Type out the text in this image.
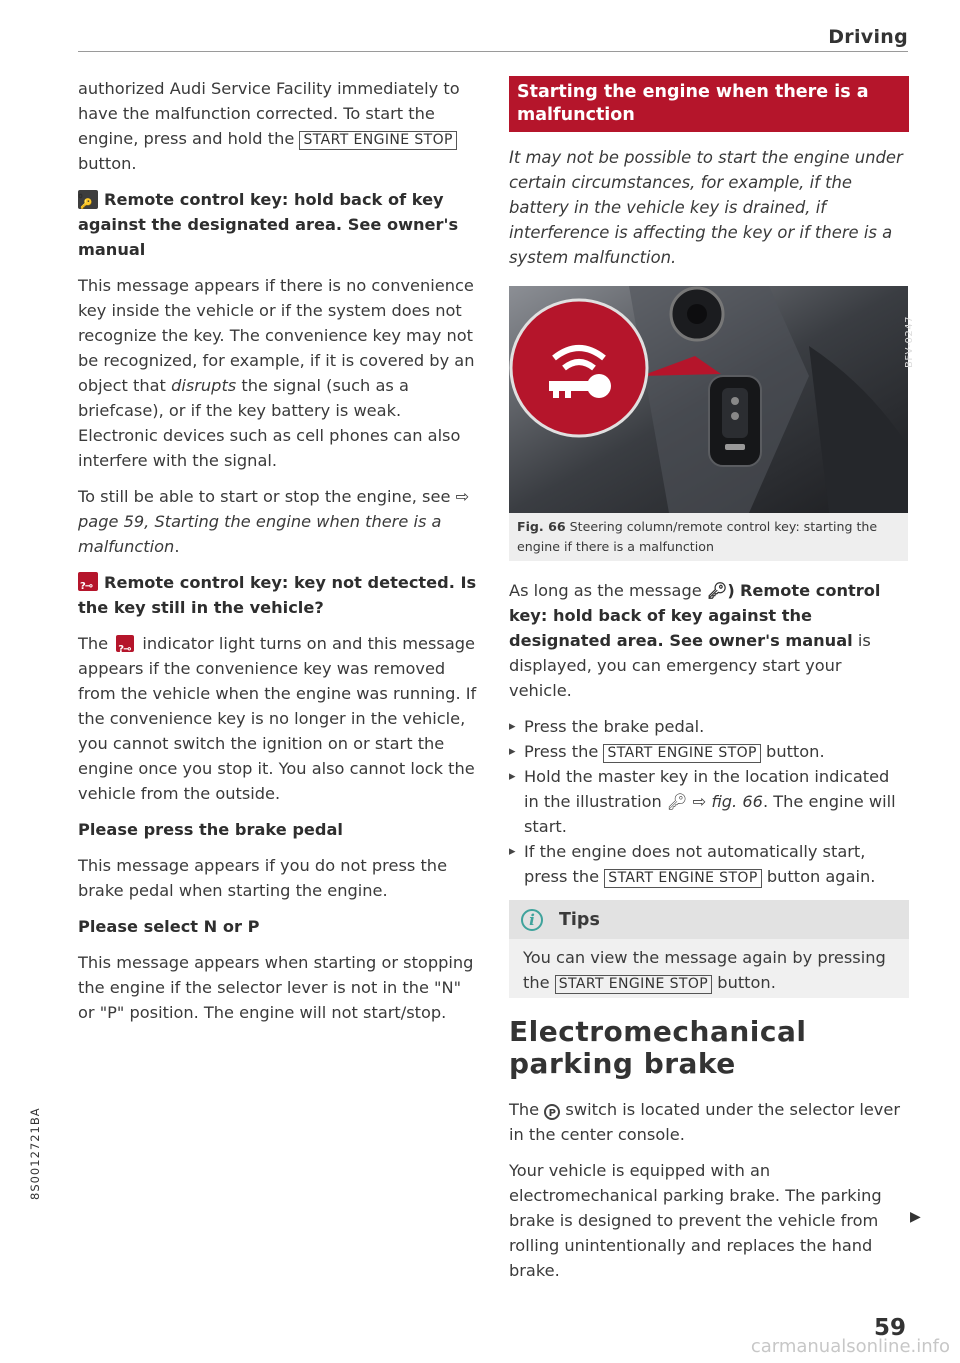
Driving

authorized Audi Service Facility immediately to have the malfunction corrected. To start the engine, press and hold the START ENGINE STOP button.

🔑
ﾟ Remote control key: hold back of key against the designated area. See owner's manual

This message appears if there is no convenience key inside the vehicle or if the system does not recognize the key. The convenience key may not be recognized, for example, if it is covered by an object that disrupts the signal (such as a briefcase), or if the key battery is weak. Electronic devices such as cell phones can also interfere with the signal.

To still be able to start or stop the engine, see ⇨ page 59, Starting the engine when there is a malfunction.

?⊸ Remote control key: key not detected. Is the key still in the vehicle?

The ?⊸ indicator light turns on and this message appears if the convenience key was removed from the vehicle when the engine was running. If the convenience key is no longer in the vehicle, you cannot switch the ignition on or start the engine once you stop it. You also cannot lock the vehicle from the outside.

Please press the brake pedal

This message appears if you do not press the brake pedal when starting the engine.

Please select N or P

This message appears when starting or stopping the engine if the selector lever is not in the "N" or "P" position. The engine will not start/stop.

Starting the engine when there is a malfunction

It may not be possible to start the engine under certain circumstances, for example, if the battery in the vehicle key is drained, if interference is affecting the key or if there is a system malfunction.

BFV-0247
Fig. 66 Steering column/remote control key: starting the engine if there is a malfunction

As long as the message 🔑︎) Remote control key: hold back of key against the designated area. See owner's manual is displayed, you can emergency start your vehicle.

▸ Press the brake pedal.
▸ Press the START ENGINE STOP button.
▸ Hold the master key in the location indicated in the illustration 🔑︎ ⇨ fig. 66. The engine will start.
▸ If the engine does not automatically start, press the START ENGINE STOP button again.
i	Tips

You can view the message again by pressing the START ENGINE STOP button.

Electromechanical parking brake

The P switch is located under the selector lever in the center console.

Your vehicle is equipped with an electromechanical parking brake. The parking brake is designed to prevent the vehicle from rolling unintentionally and replaces the hand brake.

▶
59
8S0012721BA
carmanualsonline.info
